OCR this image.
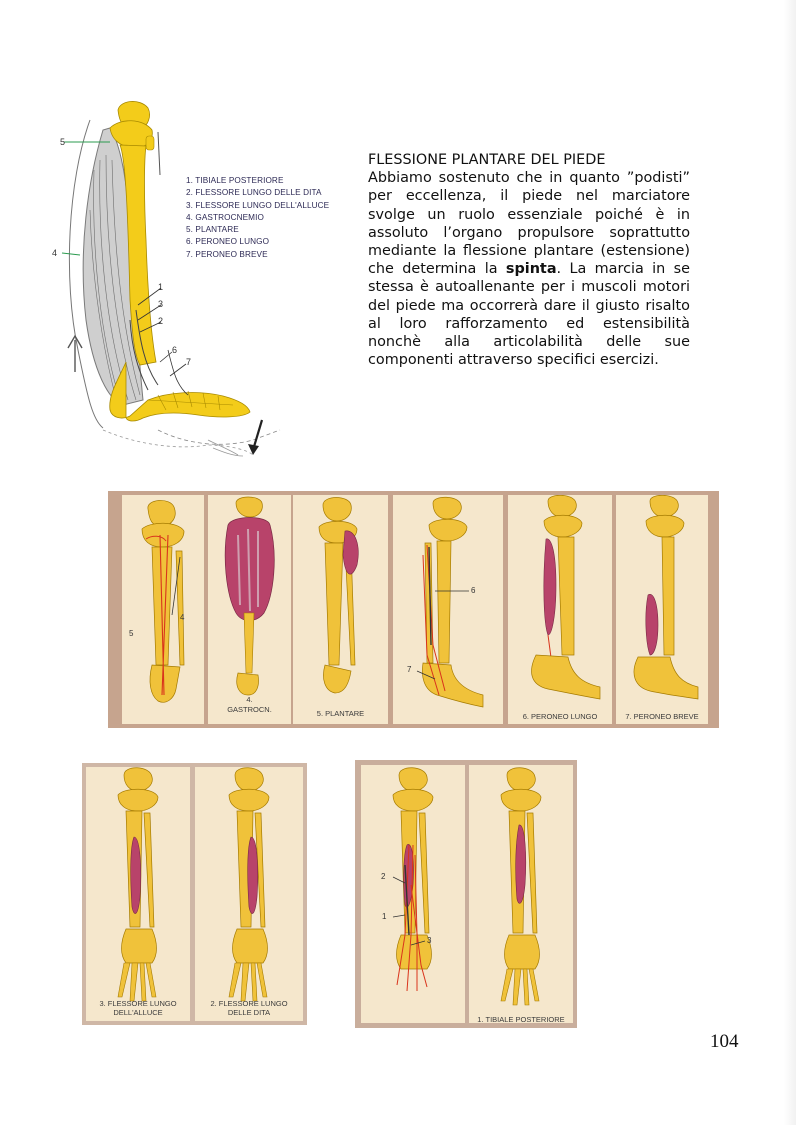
5
4
1
3
2
6
7
1. TIBIALE POSTERIORE
2. FLESSORE LUNGO DELLE DITA
3. FLESSORE LUNGO DELL'ALLUCE
4. GASTROCNEMIO
5. PLANTARE
6. PERONEO LUNGO
7. PERONEO BREVE
FLESSIONE PLANTARE DEL PIEDE
Abbiamo sostenuto che in quanto ”podisti” per eccellenza, il piede nel marciatore svolge un ruolo essenziale poiché è in assoluto l’organo propulsore soprattutto mediante la flessione plantare (estensione) che determina la spinta. La marcia in se stessa è autoallenante per i muscoli motori del piede ma occorrerà dare il giusto risalto al loro rafforzamento ed estensibilità nonchè alla articolabilità delle sue componenti attraverso specifici esercizi.
4
5
4.
GASTROCN.	5. PLANTARE
6
7
6. PERONEO LUNGO	7. PERONEO BREVE
3. FLESSORE LUNGO
DELL'ALLUCE
2. FLESSORE LUNGO
DELLE DITA
2
1
3
1. TIBIALE POSTERIORE
104
